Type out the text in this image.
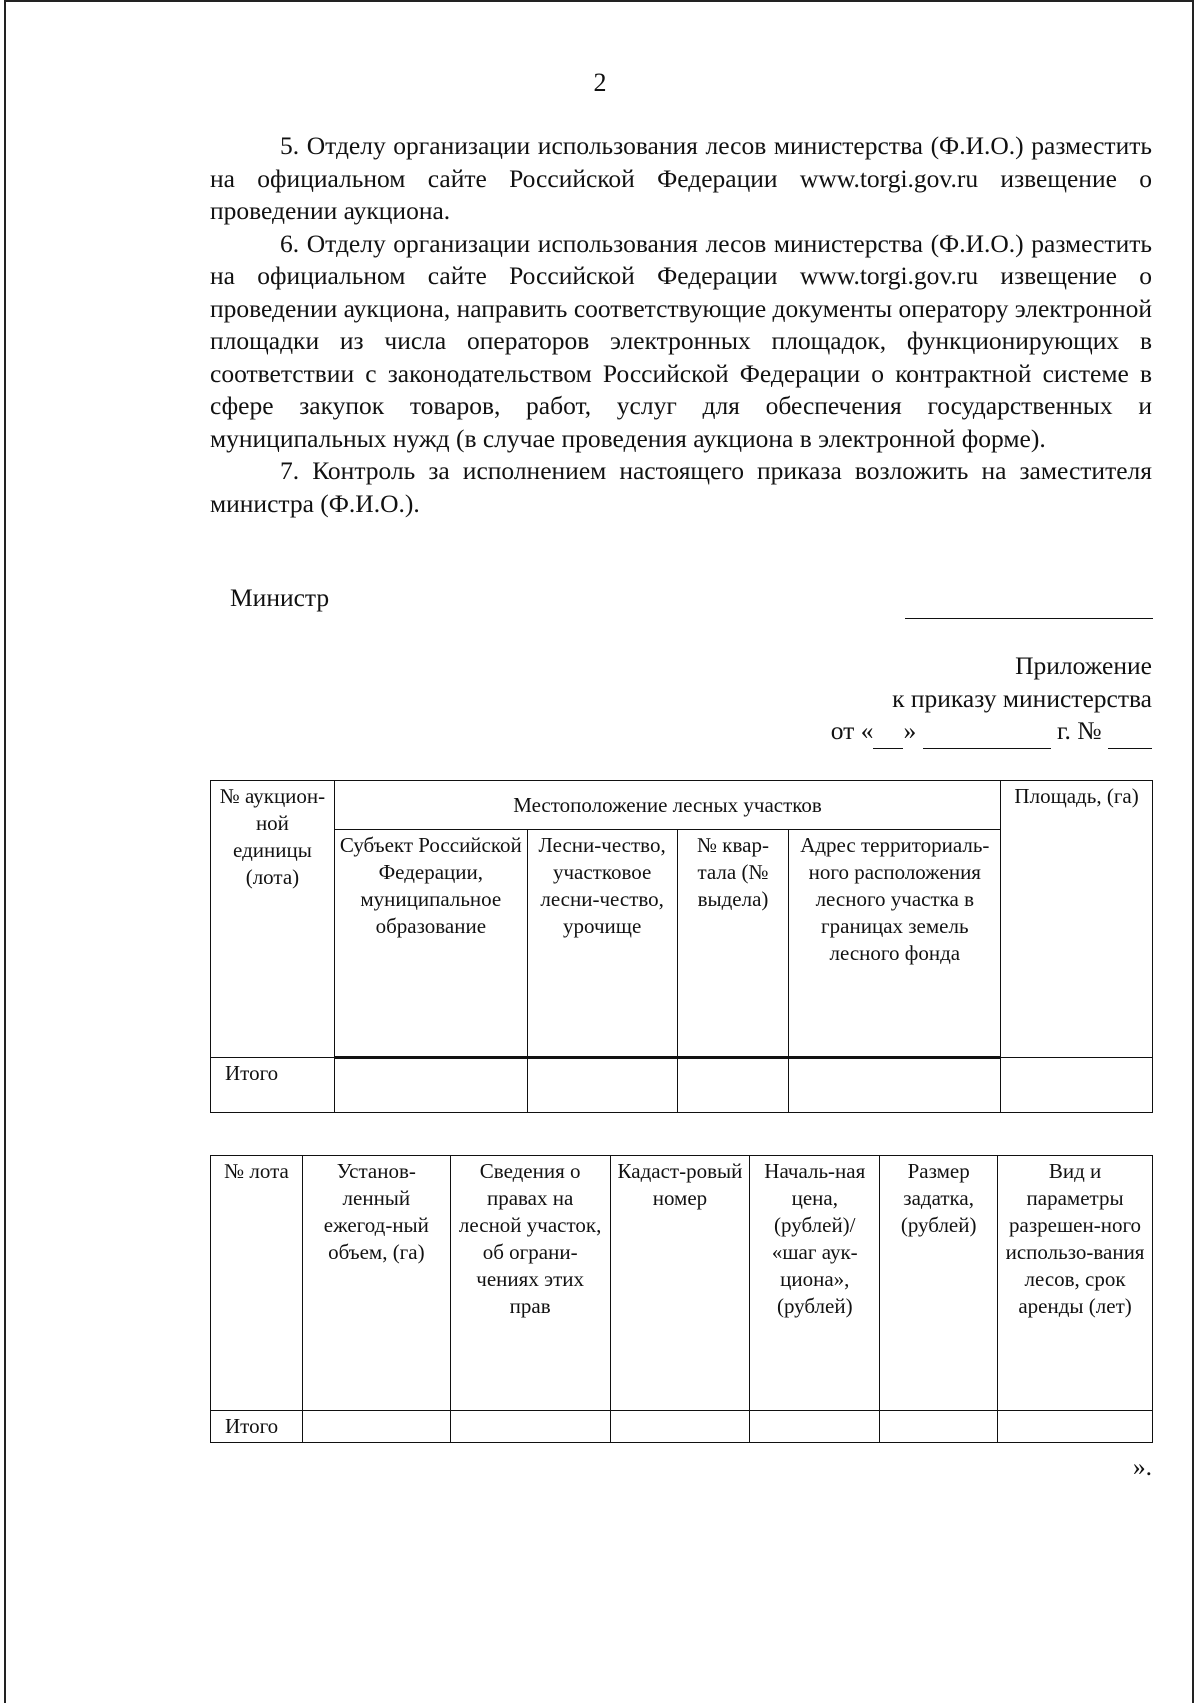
2

5. Отделу организации использования лесов министерства (Ф.И.О.) разместить на официальном сайте Российской Федерации www.torgi.gov.ru извещение о проведении аукциона.

6. Отделу организации использования лесов министерства (Ф.И.О.) разместить на официальном сайте Российской Федерации www.torgi.gov.ru извещение о проведении аукциона, направить соответствующие документы оператору электронной площадки из числа операторов электронных площадок, функционирующих в соответствии с законодательством Российской Федерации о контрактной системе в сфере закупок товаров, работ, услуг для обеспечения государственных и муниципальных нужд (в случае проведения аукциона в электронной форме).

7. Контроль за исполнением настоящего приказа возложить на заместителя министра (Ф.И.О.).

Министр
Приложение
к приказу министерства
от « »	г. №
№ аукцион-ной единицы (лота)	Местоположение лесных участков				Площадь, (га)
	Субъект Российской Федерации, муниципальное образование	Лесни-чество, участковое лесни-чество, урочище	№ квар-тала (№ выдела)	Адрес территориаль-ного расположения лесного участка в границах земель лесного фонда	
Итого					
№ лота	Установ-ленный ежегод-ный объем, (га)	Сведения о правах на лесной участок, об ограни-чениях этих прав	Кадаст-ровый номер	Началь-ная цена, (рублей)/ «шаг аук-циона», (рублей)	Размер задатка, (рублей)	Вид и параметры разрешен-ного использо-вания лесов, срок аренды (лет)
Итого						
».
